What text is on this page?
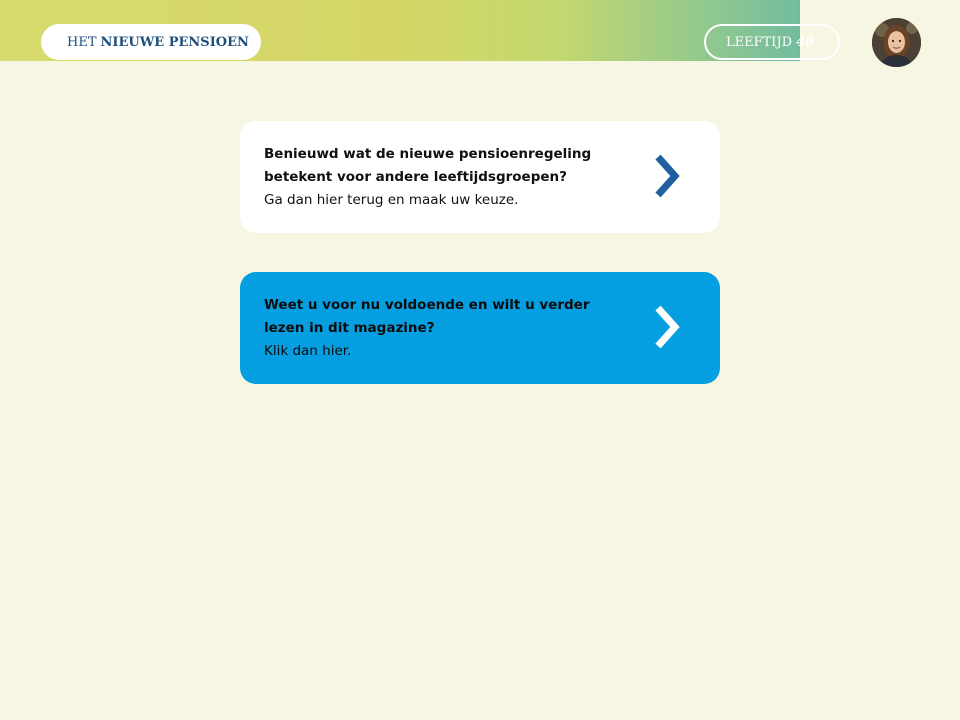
HET NIEUWE PENSIOEN	LEEFTIJD 40
Benieuwd wat de nieuwe pensioenregeling betekent voor andere leeftijdsgroepen?
Ga dan hier terug en maak uw keuze.
Weet u voor nu voldoende en wilt u verder lezen in dit magazine?
Klik dan hier.
